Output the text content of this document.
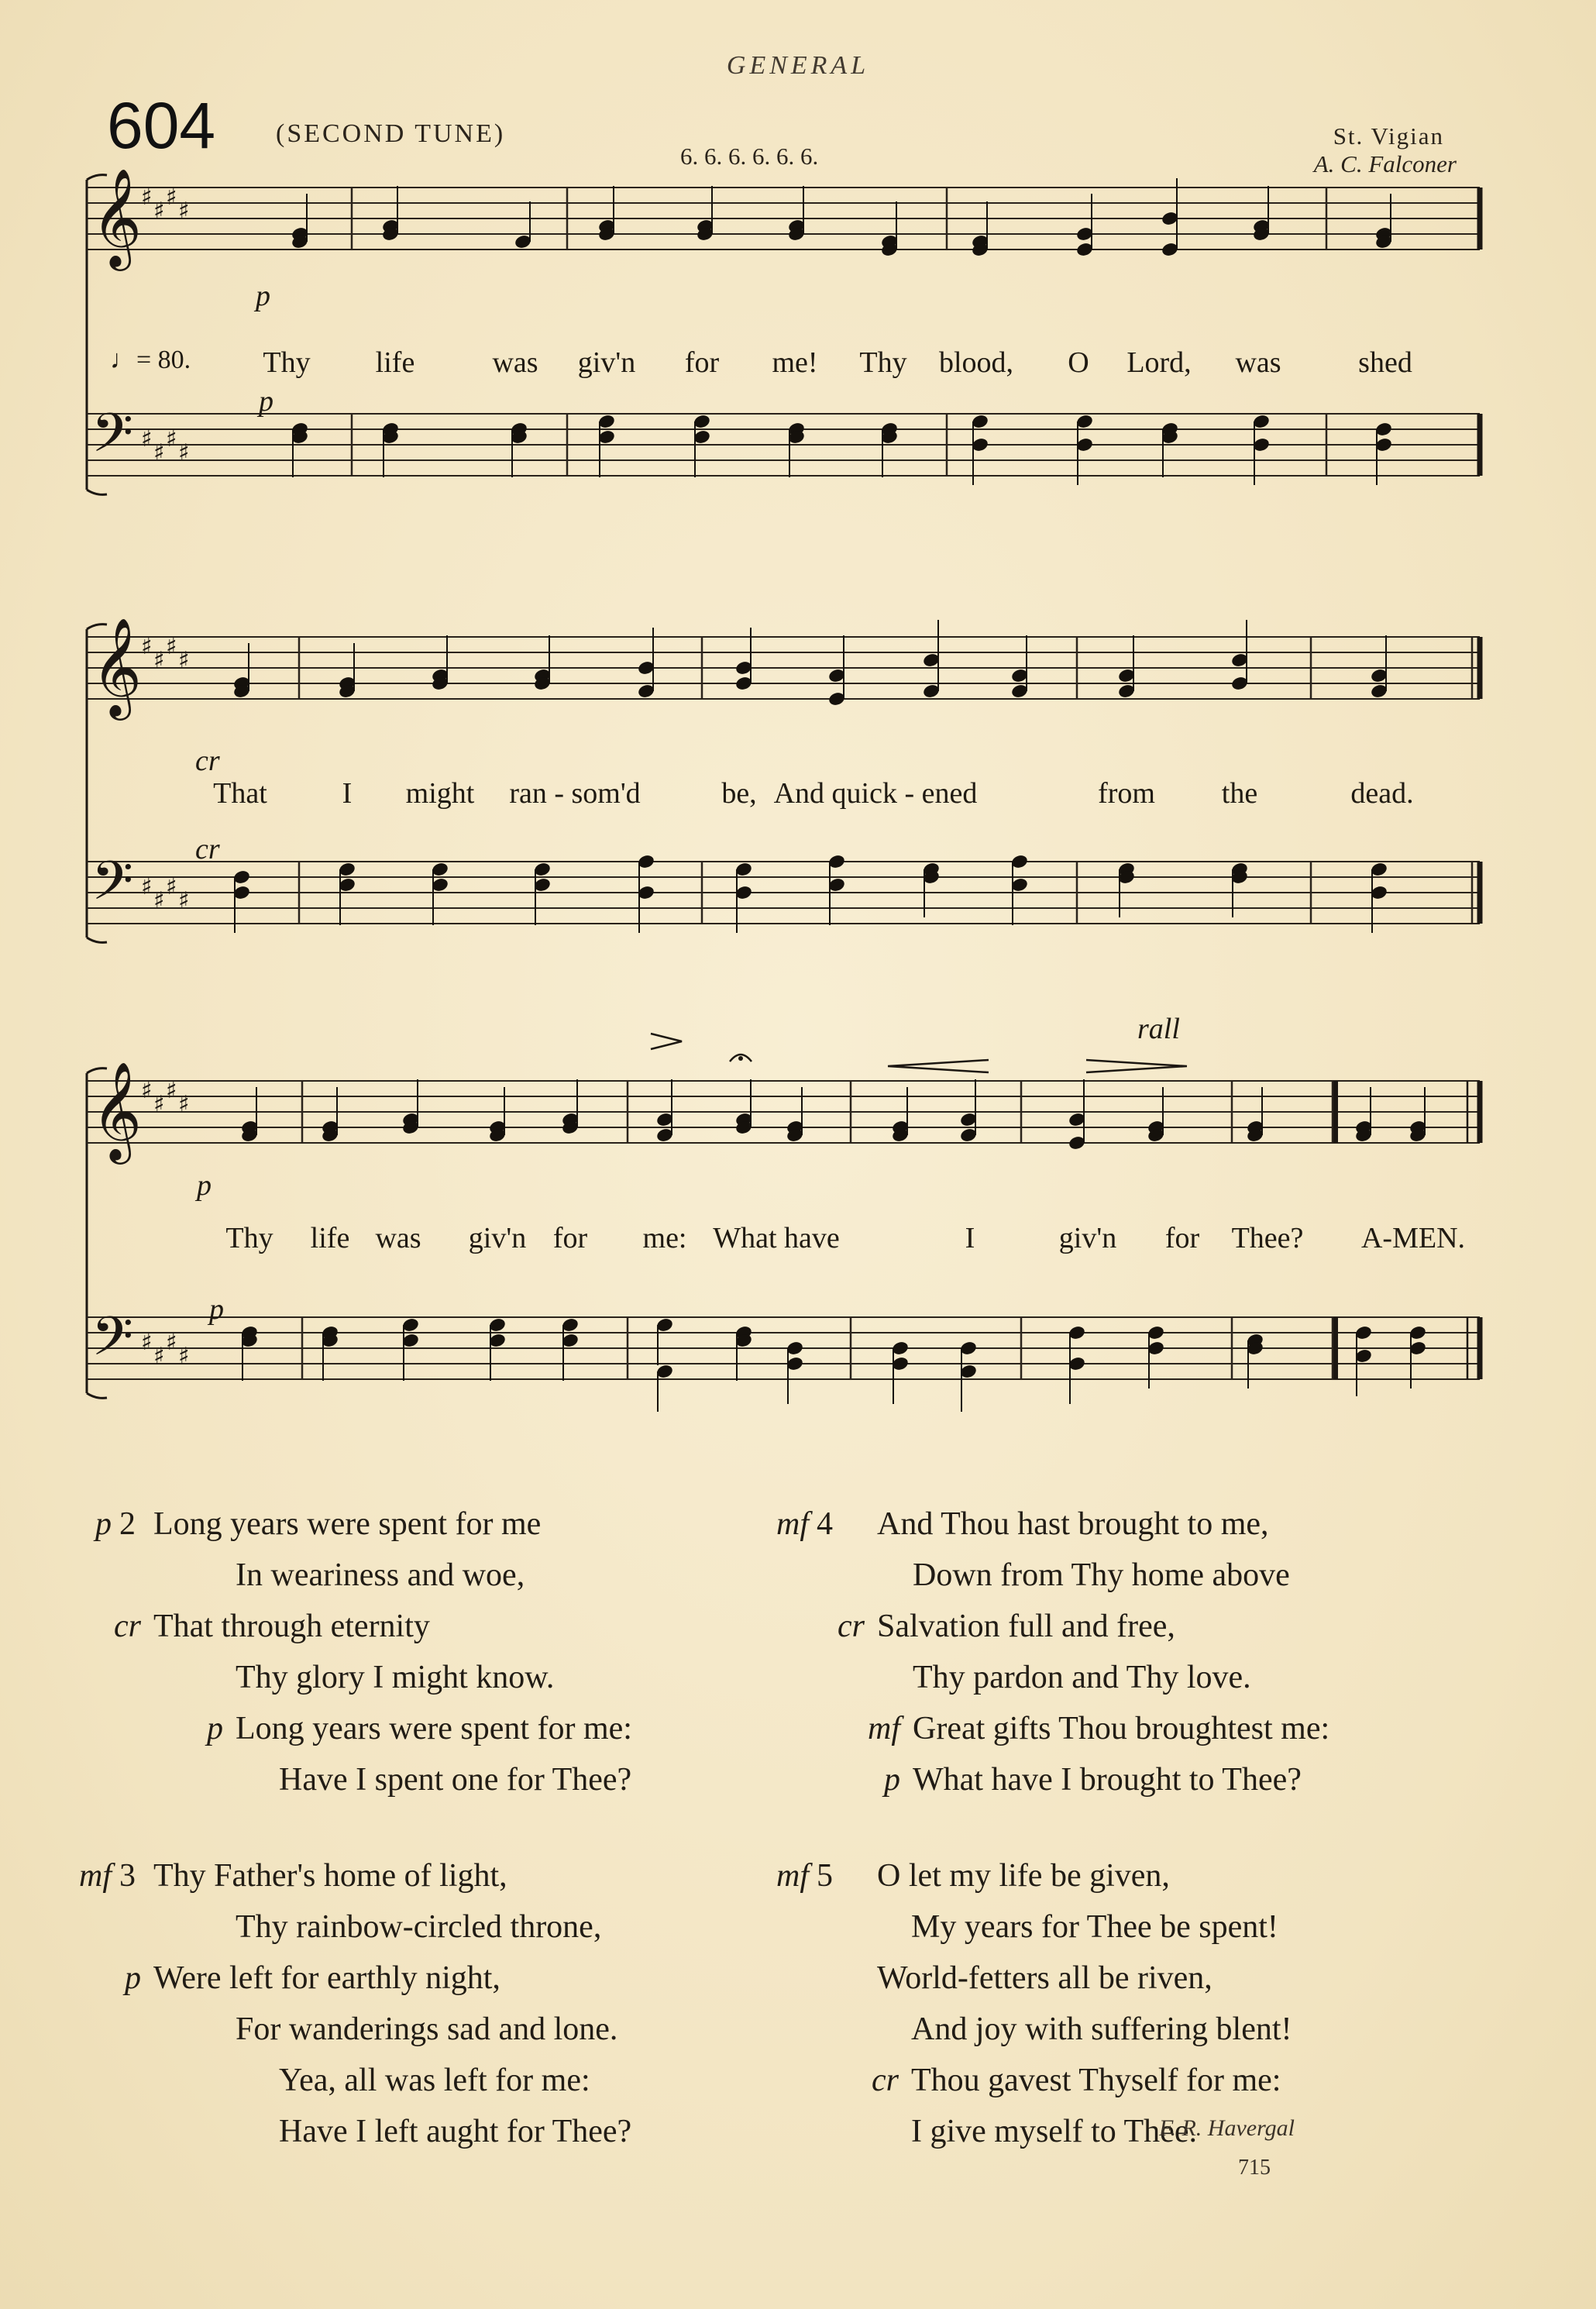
GENERAL
604 (SECOND TUNE)
6. 6. 6. 6. 6. 6.
St. Vigian
A. C. Falconer
𝄞
♯
♯
♯
♯
𝄢 ♯
♯
♯
♯
𝄞
♯
♯
♯
♯
𝄢 ♯
♯
♯
♯
𝄞
♯
♯
♯
♯
𝄢 ♯
♯
♯
♯
♩= 80. Thy life	was giv'n for me! Thy blood, O Lord, was	shed
That	I might ran - som'd	be, And quick - ened	from the	dead.
Thy life was giv'n for me: What have	I	giv'n for Thee? A-MEN.
p
p
cr
cr
p
p
rall
p 2 Long years were spent for me
In weariness and woe,
cr That through eternity
Thy glory I might know.
p Long years were spent for me:
Have I spent one for Thee?
mf 4 And Thou hast brought to me,
Down from Thy home above
cr Salvation full and free,
Thy pardon and Thy love.
mf Great gifts Thou broughtest me:
p What have I brought to Thee?
mf 3 Thy Father's home of light,
Thy rainbow-circled throne,
p Were left for earthly night,
For wanderings sad and lone.
Yea, all was left for me:
Have I left aught for Thee?
mf 5 O let my life be given,
My years for Thee be spent!
World-fetters all be riven,
And joy with suffering blent!
cr Thou gavest Thyself for me:
I give myself to Thee.
F. R. Havergal
715
